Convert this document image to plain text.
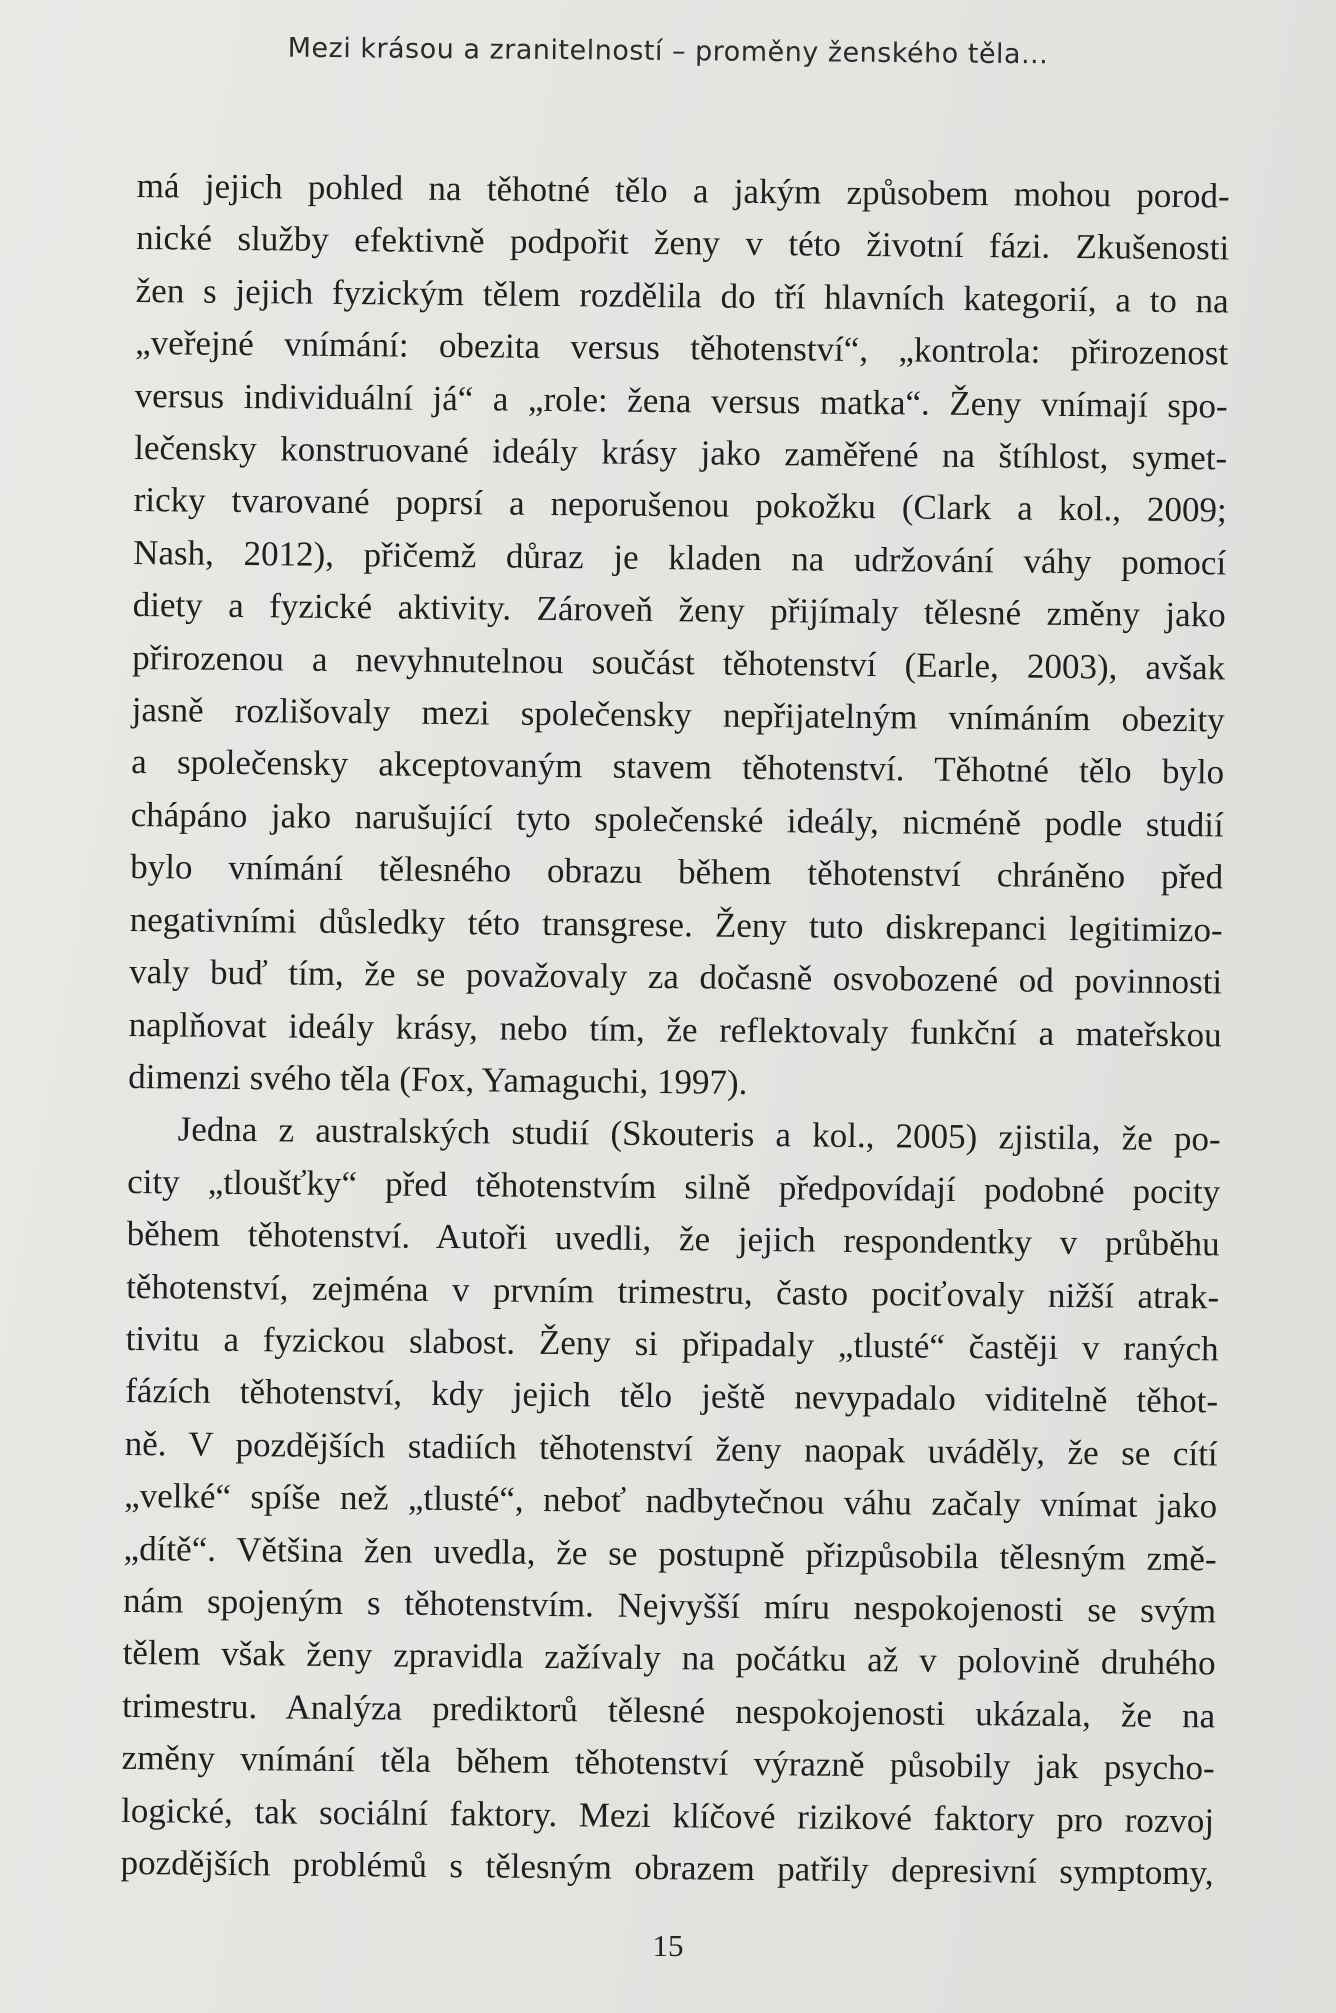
Mezi krásou a zranitelností – proměny ženského těla...
má jejich pohled na těhotné tělo a jakým způsobem mohou porod-
nické služby efektivně podpořit ženy v této životní fázi. Zkušenosti
žen s jejich fyzickým tělem rozdělila do tří hlavních kategorií, a to na
„veřejné vnímání: obezita versus těhotenství“, „kontrola: přirozenost
versus individuální já“ a „role: žena versus matka“. Ženy vnímají spo-
lečensky konstruované ideály krásy jako zaměřené na štíhlost, symet-
ricky tvarované poprsí a neporušenou pokožku (Clark a kol., 2009;
Nash, 2012), přičemž důraz je kladen na udržování váhy pomocí
diety a fyzické aktivity. Zároveň ženy přijímaly tělesné změny jako
přirozenou a nevyhnutelnou součást těhotenství (Earle, 2003), avšak
jasně rozlišovaly mezi společensky nepřijatelným vnímáním obezity
a společensky akceptovaným stavem těhotenství. Těhotné tělo bylo
chápáno jako narušující tyto společenské ideály, nicméně podle studií
bylo vnímání tělesného obrazu během těhotenství chráněno před
negativními důsledky této transgrese. Ženy tuto diskrepanci legitimizo-
valy buď tím, že se považovaly za dočasně osvobozené od povinnosti
naplňovat ideály krásy, nebo tím, že reflektovaly funkční a mateřskou
dimenzi svého těla (Fox, Yamaguchi, 1997).
Jedna z australských studií (Skouteris a kol., 2005) zjistila, že po-
city „tloušťky“ před těhotenstvím silně předpovídají podobné pocity
během těhotenství. Autoři uvedli, že jejich respondentky v průběhu
těhotenství, zejména v prvním trimestru, často pociťovaly nižší atrak-
tivitu a fyzickou slabost. Ženy si připadaly „tlusté“ častěji v raných
fázích těhotenství, kdy jejich tělo ještě nevypadalo viditelně těhot-
ně. V pozdějších stadiích těhotenství ženy naopak uváděly, že se cítí
„velké“ spíše než „tlusté“, neboť nadbytečnou váhu začaly vnímat jako
„dítě“. Většina žen uvedla, že se postupně přizpůsobila tělesným změ-
nám spojeným s těhotenstvím. Nejvyšší míru nespokojenosti se svým
tělem však ženy zpravidla zažívaly na počátku až v polovině druhého
trimestru. Analýza prediktorů tělesné nespokojenosti ukázala, že na
změny vnímání těla během těhotenství výrazně působily jak psycho-
logické, tak sociální faktory. Mezi klíčové rizikové faktory pro rozvoj
pozdějších problémů s tělesným obrazem patřily depresivní symptomy,
15
